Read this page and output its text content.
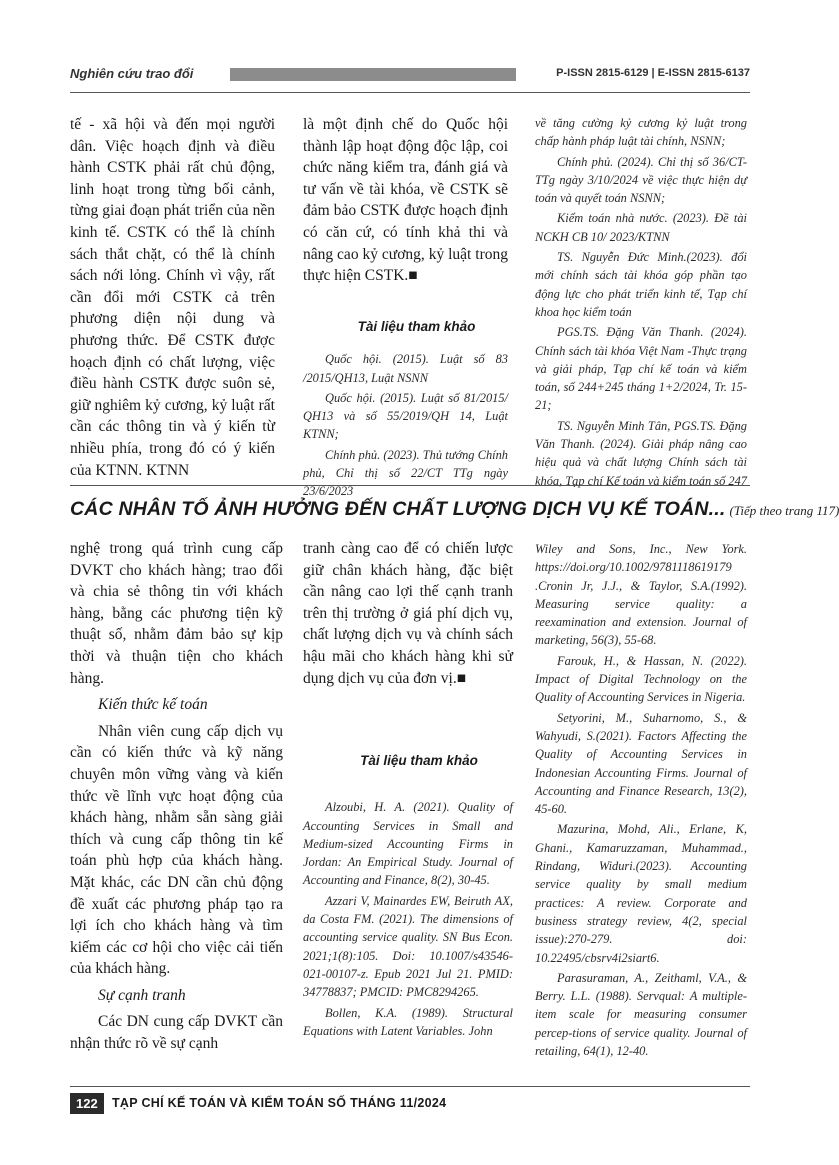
Nghiên cứu trao đổi	P-ISSN 2815-6129 | E-ISSN 2815-6137

tế - xã hội và đến mọi người dân. Việc hoạch định và điều hành CSTK phải rất chủ động, linh hoạt trong từng bối cảnh, từng giai đoạn phát triển của nền kinh tế. CSTK có thể là chính sách thắt chặt, có thể là chính sách nới lỏng. Chính vì vậy, rất cần đổi mới CSTK cả trên phương diện nội dung và phương thức. Để CSTK được hoạch định có chất lượng, việc điều hành CSTK được suôn sẻ, giữ nghiêm kỷ cương, kỷ luật rất cần các thông tin và ý kiến từ nhiều phía, trong đó có ý kiến của KTNN. KTNN

là một định chế do Quốc hội thành lập hoạt động độc lập, coi chức năng kiểm tra, đánh giá và tư vấn về tài khóa, về CSTK sẽ đảm bảo CSTK được hoạch định có căn cứ, có tính khả thi và nâng cao kỷ cương, kỷ luật trong thực hiện CSTK.■

Tài liệu tham khảo

Quốc hội. (2015). Luật số 83 /2015/QH13, Luật NSNN

Quốc hội. (2015). Luật số 81/2015/ QH13 và số 55/2019/QH 14, Luật KTNN;

Chính phủ. (2023). Thủ tướng Chính phủ, Chỉ thị số 22/CT TTg ngày 23/6/2023

về tăng cường kỷ cương kỷ luật trong chấp hành pháp luật tài chính, NSNN;

Chính phủ. (2024). Chỉ thị số 36/CT-TTg ngày 3/10/2024 về việc thực hiện dự toán và quyết toán NSNN;

Kiểm toán nhà nước. (2023). Đề tài NCKH CB 10/ 2023/KTNN

TS. Nguyễn Đức Minh.(2023). đổi mới chính sách tài khóa góp phần tạo động lực cho phát triển kinh tế, Tạp chí khoa học kiểm toán

PGS.TS. Đặng Văn Thanh. (2024). Chính sách tài khóa Việt Nam -Thực trạng và giải pháp, Tạp chí kế toán và kiểm toán, số 244+245 tháng 1+2/2024, Tr. 15-21;

TS. Nguyễn Minh Tân, PGS.TS. Đặng Văn Thanh. (2024). Giải pháp nâng cao hiệu quả và chất lượng Chính sách tài khóa, Tạp chí Kế toán và kiểm toán số 247

CÁC NHÂN TỐ ẢNH HƯỞNG ĐẾN CHẤT LƯỢNG DỊCH VỤ KẾ TOÁN... (Tiếp theo trang 117)

nghệ trong quá trình cung cấp DVKT cho khách hàng; trao đổi và chia sẻ thông tin với khách hàng, bằng các phương tiện kỹ thuật số, nhằm đảm bảo sự kịp thời và thuận tiện cho khách hàng.

Kiến thức kế toán

Nhân viên cung cấp dịch vụ cần có kiến thức và kỹ năng chuyên môn vững vàng và kiến thức về lĩnh vực hoạt động của khách hàng, nhằm sẵn sàng giải thích và cung cấp thông tin kế toán phù hợp của khách hàng. Mặt khác, các DN cần chủ động đề xuất các phương pháp tạo ra lợi ích cho khách hàng và tìm kiếm các cơ hội cho việc cải tiến của khách hàng.

Sự cạnh tranh

Các DN cung cấp DVKT cần nhận thức rõ về sự cạnh

tranh càng cao để có chiến lược giữ chân khách hàng, đặc biệt cần nâng cao lợi thế cạnh tranh trên thị trường ở giá phí dịch vụ, chất lượng dịch vụ và chính sách hậu mãi cho khách hàng khi sử dụng dịch vụ của đơn vị.■

Tài liệu tham khảo

Alzoubi, H. A. (2021). Quality of Accounting Services in Small and Medium-sized Accounting Firms in Jordan: An Empirical Study. Journal of Accounting and Finance, 8(2), 30-45.

Azzari V, Mainardes EW, Beiruth AX, da Costa FM. (2021). The dimensions of accounting service quality. SN Bus Econ. 2021;1(8):105. Doi: 10.1007/s43546-021-00107-z. Epub 2021 Jul 21. PMID: 34778837; PMCID: PMC8294265.

Bollen, K.A. (1989). Structural Equations with Latent Variables. John

Wiley and Sons, Inc., New York. https://doi.org/10.1002/9781118619179 .Cronin Jr, J.J., & Taylor, S.A.(1992). Measuring service quality: a reexamination and extension. Journal of marketing, 56(3), 55-68.

Farouk, H., & Hassan, N. (2022). Impact of Digital Technology on the Quality of Accounting Services in Nigeria.

Setyorini, M., Suharnomo, S., & Wahyudi, S.(2021). Factors Affecting the Quality of Accounting Services in Indonesian Accounting Firms. Journal of Accounting and Finance Research, 13(2), 45-60.

Mazurina, Mohd, Ali., Erlane, K, Ghani., Kamaruzzaman, Muhammad., Rindang, Widuri.(2023). Accounting service quality by small medium practices: A review. Corporate and business strategy review, 4(2, special issue):270-279. doi: 10.22495/cbsrv4i2siart6.

Parasuraman, A., Zeithaml, V.A., & Berry. L.L. (1988). Servqual: A multiple-item scale for measuring consumer percep-tions of service quality. Journal of retailing, 64(1), 12-40.

122	TẠP CHÍ KẾ TOÁN VÀ KIỂM TOÁN SỐ THÁNG 11/2024
